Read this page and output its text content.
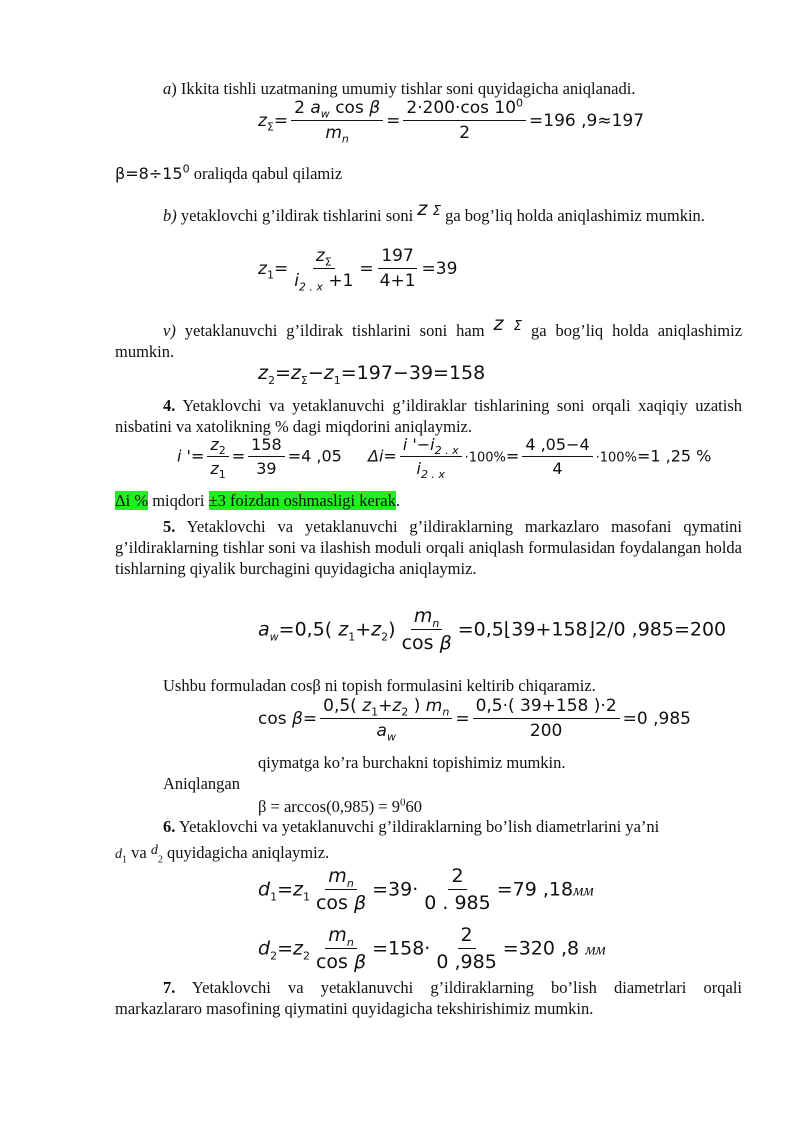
a) Ikkita tishli uzatmaning umumiy tishlar soni quyidagicha aniqlanadi.
$z_\Sigma= \frac{2 a_w \cos \beta}{m_n} = \frac{2\cdot 200\cdot\cos 10^0}{2} =196$ ,9≈197
$\beta=8\div 15^0$ oraliqda qabul qilamiz
b) yetaklovchi g’ildirak tishlarini soni z Σ ga bog’liq holda aniqlashimiz mumkin.
$z_1= \frac{z_\Sigma}{i_{2 . x} +1} = \frac{197}{4+1} =39$
v) yetaklanuvchi g’ildirak tishlarini soni ham z Σ ga bog’liq holda aniqlashimiz mumkin.
$z_2=z_\Sigma-z_1=197-39=158$
4. Yetaklovchi va yetaklanuvchi g’ildiraklar tishlarining soni orqali xaqiqiy uzatish nisbatini va xatolikning % dagi miqdorini aniqlaymiz.
i '= $\frac{z_2}{z_1} = \frac{158}{39} =4$ ,05 $\Delta i= \frac{i '-i_{2 . x}}{i_{2 . x}} \cdot 100\%= \frac{4 ,05-4}{4} \cdot 100\%=1$ ,25 %
Δi % miqdori ±3 foizdan oshmasligi kerak.
5. Yetaklovchi va yetaklanuvchi g’ildiraklarning markazlaro masofani qymatini g’ildiraklarning tishlar soni va ilashish moduli orqali aniqlash formulasidan foydalangan holda tishlarning qiyalik burchagini quyidagicha aniqlaymiz.
$a_w=0,5$( $z_1+z_2) \frac{m_n}{\text{cos β}}$ =0,5⌊39+158⌋2/0 ,985=200
Ushbu formuladan cosβ ni topish formulasini keltirib chiqaramiz.
$\cos \beta= \frac{0,5( z_1+z_2 ) m_n}{a_w} = \frac{0,5\cdot( 39+158 )\cdot 2}{200} =0$ ,985
qiymatga ko’ra burchakni topishimiz mumkin.
Aniqlangan
$\beta = \arccos(0,985) = 9^060$
6. Yetaklovchi va yetaklanuvchi g’ildiraklarning bo’lish diametrlarini ya’ni
$d_1$ va $^d_2$ quyidagicha aniqlaymiz.
$d_1=z_1 \frac{m_n}{\text{cos β}} =39\cdot \frac{2}{0 . 985} =79$ ,18мм
$d_2=z_2 \frac{m_n}{\text{cos β}} =158\cdot \frac{2}{0 ,985} =320$ ,8 мм
7. Yetaklovchi va yetaklanuvchi g’ildiraklarning bo’lish diametrlari orqali markazlararo masofining qiymatini quyidagicha tekshirishimiz mumkin.
